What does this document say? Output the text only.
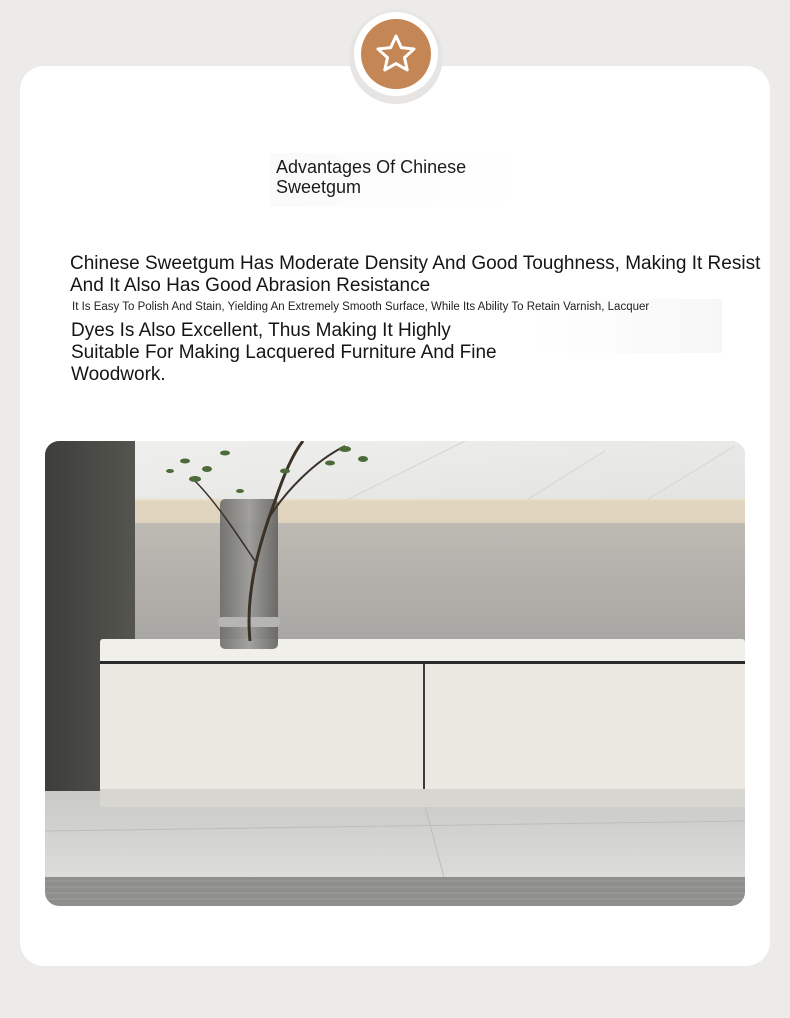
Advantages Of Chinese Sweetgum
Chinese Sweetgum Has Moderate Density And Good Toughness, Making It Resist
And It Also Has Good Abrasion Resistance
It Is Easy To Polish And Stain, Yielding An Extremely Smooth Surface, While Its Ability To Retain Varnish, Lacquer
Dyes Is Also Excellent, Thus Making It Highly Suitable For Making Lacquered Furniture And Fine Woodwork.
